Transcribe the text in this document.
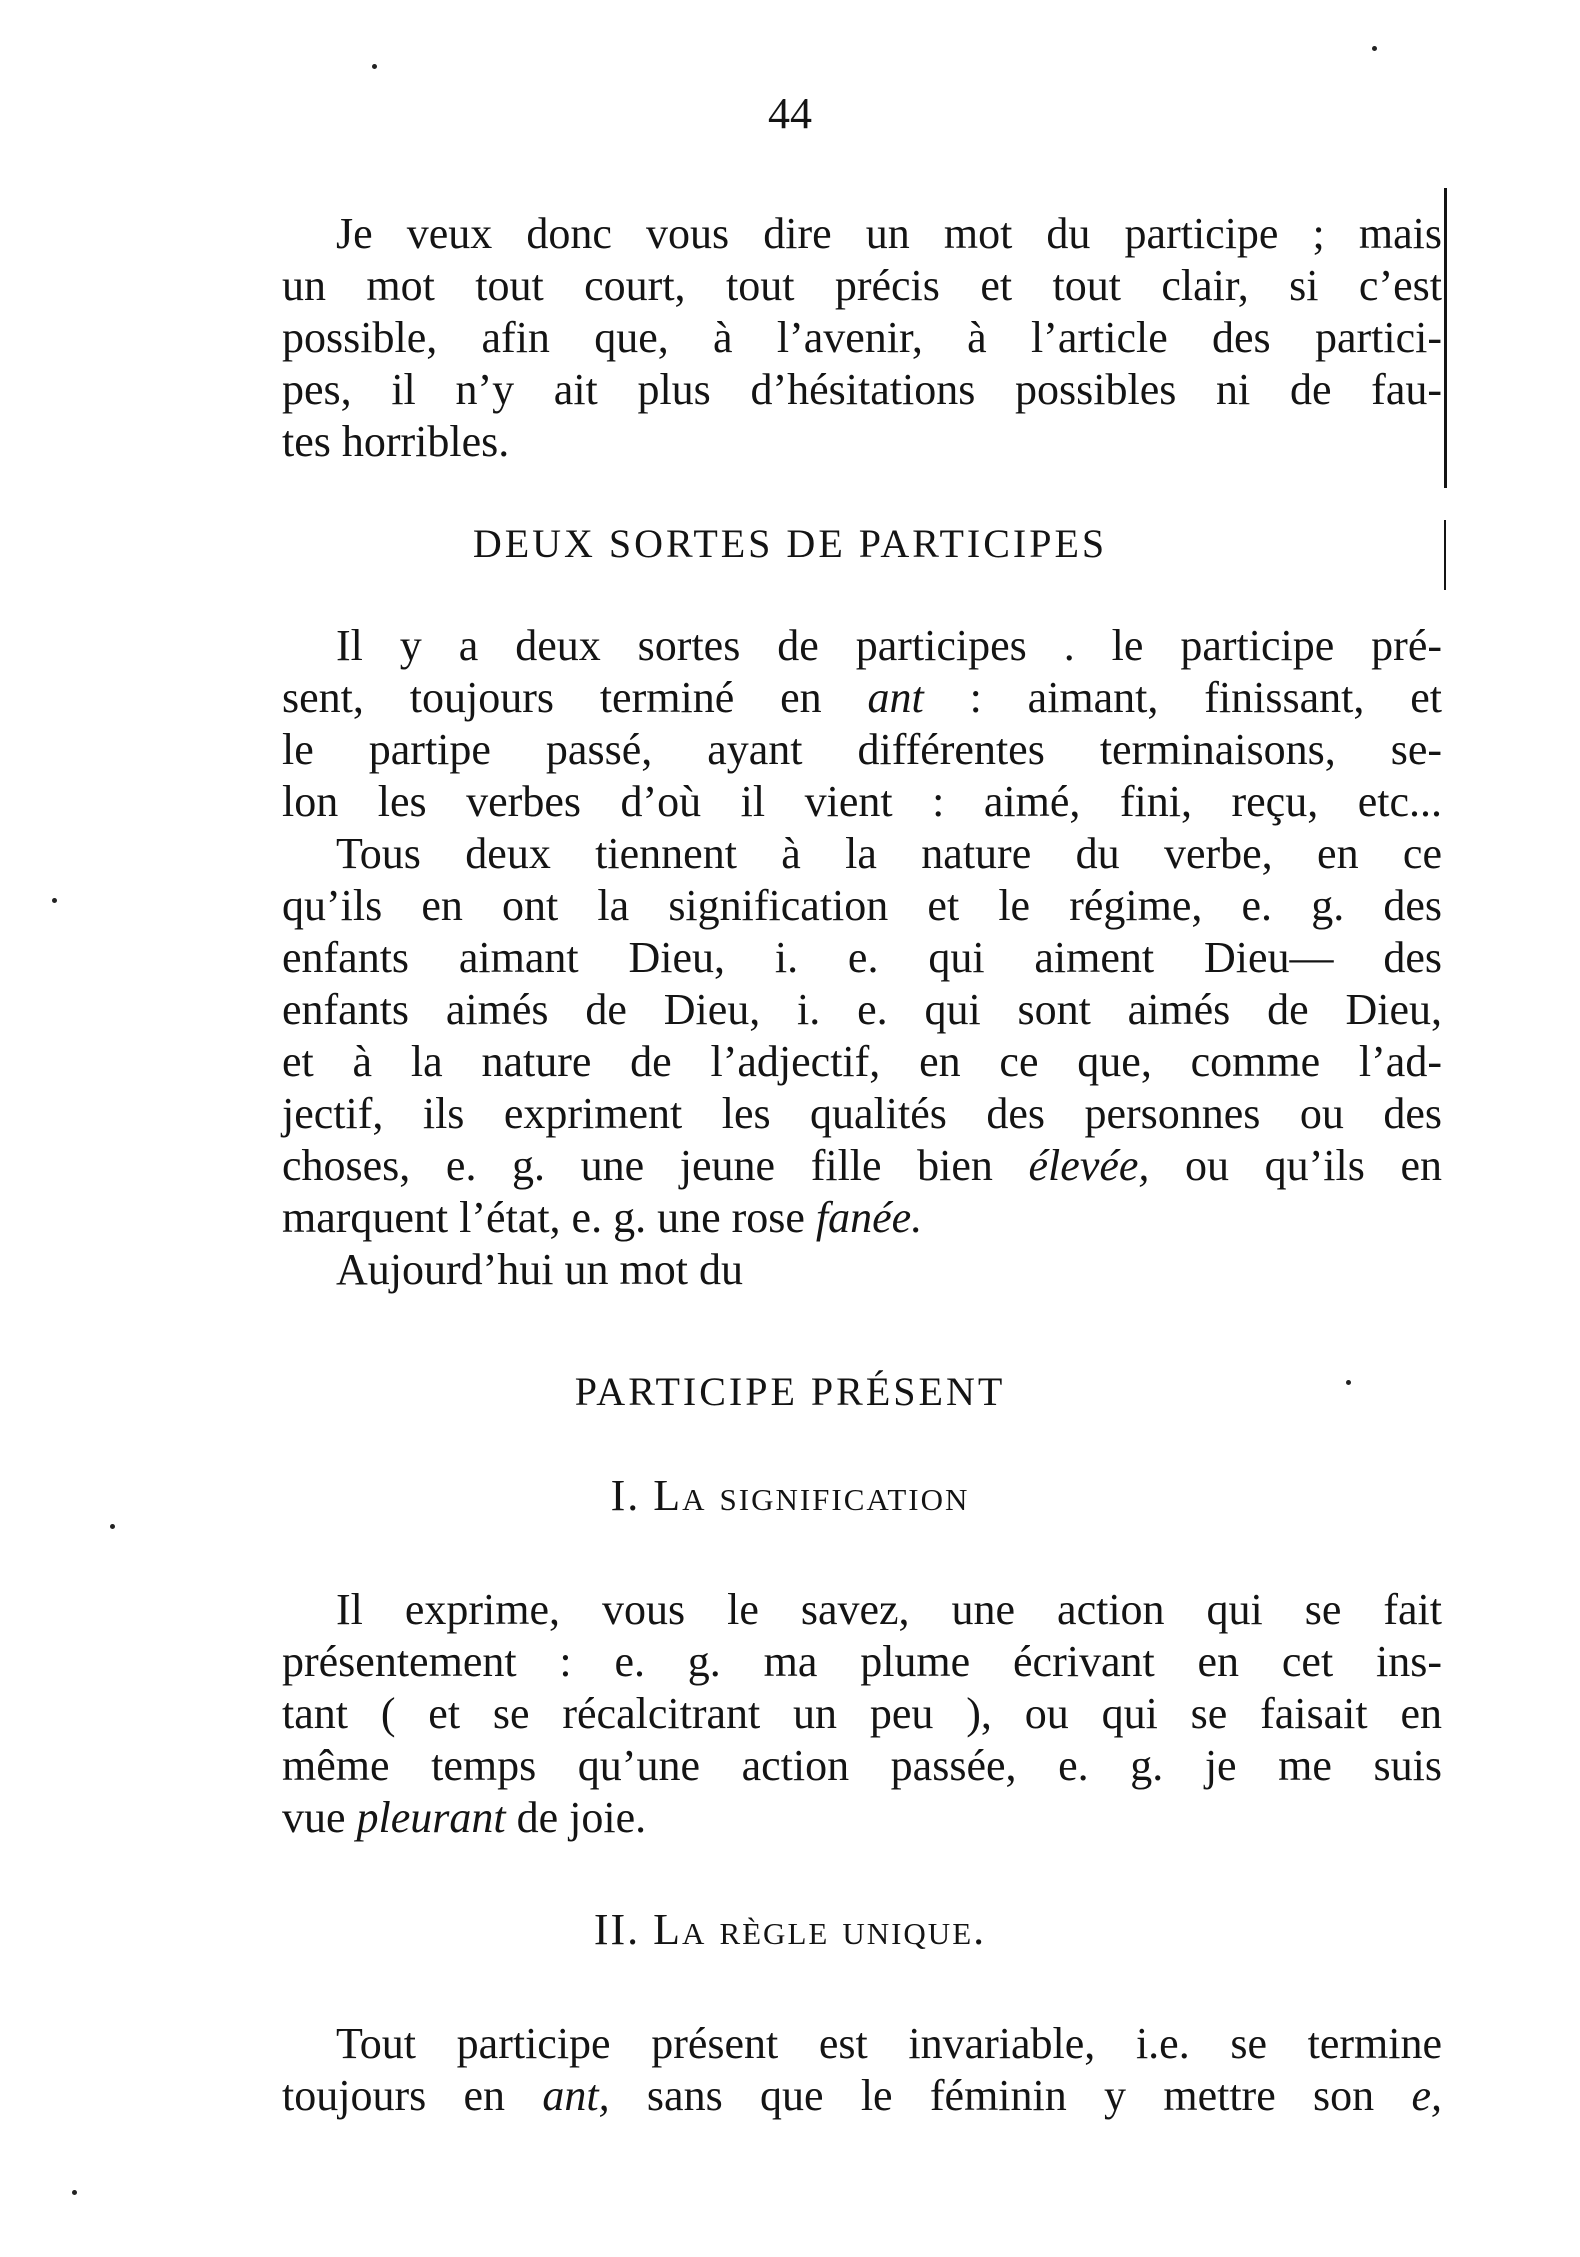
44
Je veux donc vous dire un mot du participe ; mais
un mot tout court, tout précis et tout clair, si c’est
possible, afin que, à l’avenir, à l’article des partici-
pes, il n’y ait plus d’hésitations possibles ni de fau-
tes horribles.
DEUX SORTES DE PARTICIPES
Il y a deux sortes de participes . le participe pré-
sent, toujours terminé en ant : aimant, finissant, et
le partipe passé, ayant différentes terminaisons, se-
lon les verbes d’où il vient : aimé, fini, reçu, etc...
Tous deux tiennent à la nature du verbe, en ce
qu’ils en ont la signification et le régime, e. g. des
enfants aimant Dieu, i. e. qui aiment Dieu— des
enfants aimés de Dieu, i. e. qui sont aimés de Dieu,
et à la nature de l’adjectif, en ce que, comme l’ad-
jectif, ils expriment les qualités des personnes ou des
choses, e. g. une jeune fille bien élevée, ou qu’ils en
marquent l’état, e. g. une rose fanée.
Aujourd’hui un mot du
PARTICIPE PRÉSENT
I. La signification
Il exprime, vous le savez, une action qui se fait
présentement : e. g. ma plume écrivant en cet ins-
tant ( et se récalcitrant un peu ), ou qui se faisait en
même temps qu’une action passée, e. g. je me suis
vue pleurant de joie.
II. La règle unique.
Tout participe présent est invariable, i.e. se termine
toujours en ant, sans que le féminin y mettre son e,
